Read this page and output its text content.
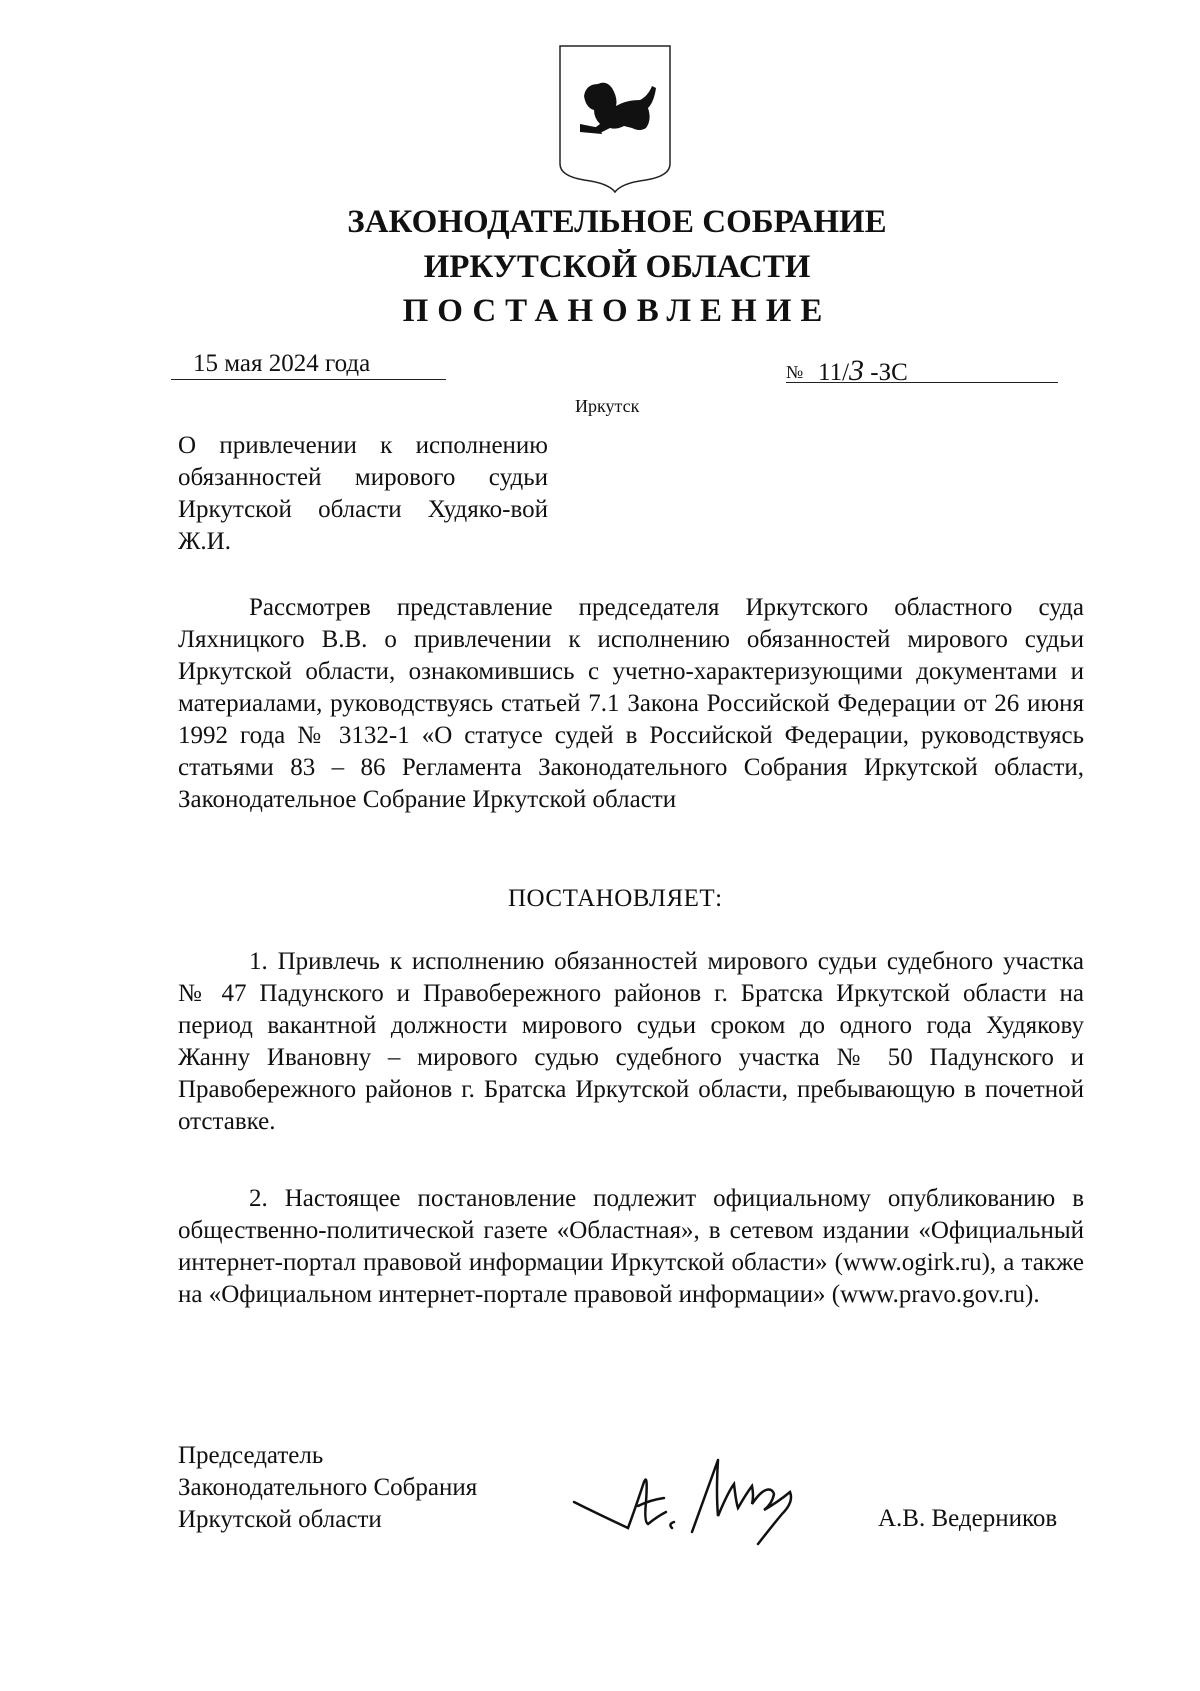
ЗАКОНОДАТЕЛЬНОЕ СОБРАНИЕ
ИРКУТСКОЙ ОБЛАСТИ
ПОСТАНОВЛЕНИЕ
15 мая 2024 года	№ 11/3 -ЗС
Иркутск
О привлечении к исполнению обязанностей мирового судьи Иркутской области Худяко-вой Ж.И.

Рассмотрев представление председателя Иркутского областного суда Ляхницкого В.В. о привлечении к исполнению обязанностей мирового судьи Иркутской области, ознакомившись с учетно-характеризующими документами и материалами, руководствуясь статьей 7.1 Закона Российской Федерации от 26 июня 1992 года № 3132-1 «О статусе судей в Российской Федерации, руководствуясь статьями 83 – 86 Регламента Законодательного Собрания Иркутской области, Законодательное Собрание Иркутской области

ПОСТАНОВЛЯЕТ:

1. Привлечь к исполнению обязанностей мирового судьи судебного участка № 47 Падунского и Правобережного районов г. Братска Иркутской области на период вакантной должности мирового судьи сроком до одного года Худякову Жанну Ивановну – мирового судью судебного участка № 50 Падунского и Правобережного районов г. Братска Иркутской области, пребывающую в почетной отставке.

2. Настоящее постановление подлежит официальному опубликованию в общественно-политической газете «Областная», в сетевом издании «Официальный интернет-портал правовой информации Иркутской области» (www.ogirk.ru), а также на «Официальном интернет-портале правовой информации» (www.pravo.gov.ru).

Председатель
Законодательного Собрания
Иркутской области	А.В. Ведерников
